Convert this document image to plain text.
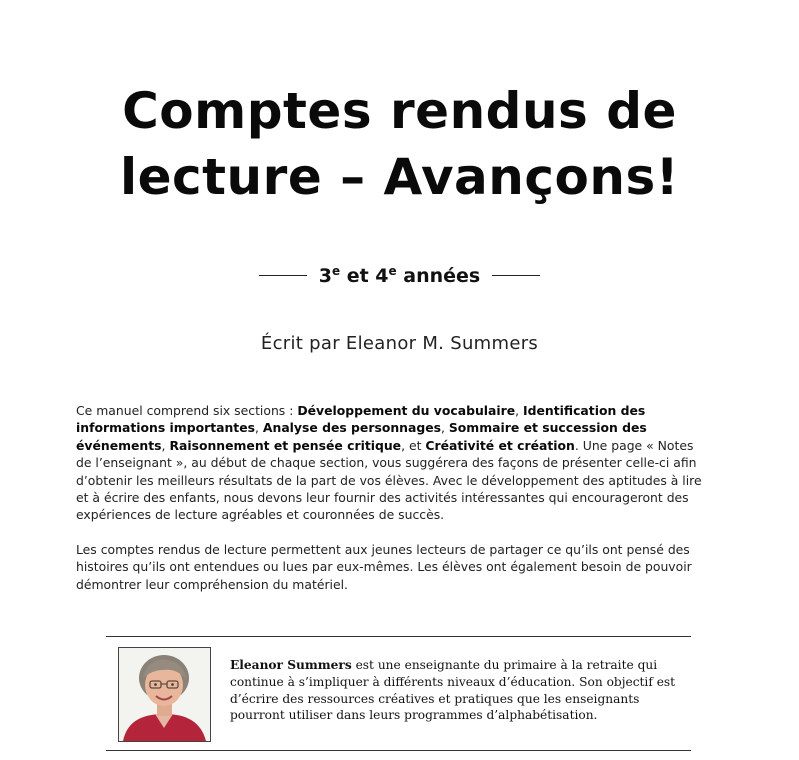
Comptes rendus de
lecture – Avançons!
3e et 4e années
Écrit par Eleanor M. Summers

Ce manuel comprend six sections : Développement du vocabulaire, Identification des informations importantes, Analyse des personnages, Sommaire et succession des événements, Raisonnement et pensée critique, et Créativité et création. Une page « Notes de l’enseignant », au début de chaque section, vous suggérera des façons de présenter celle-ci afin d’obtenir les meilleurs résultats de la part de vos élèves. Avec le développement des aptitudes à lire et à écrire des enfants, nous devons leur fournir des activités intéressantes qui encourageront des expériences de lecture agréables et couronnées de succès.

Les comptes rendus de lecture permettent aux jeunes lecteurs de partager ce qu’ils ont pensé des histoires qu’ils ont entendues ou lues par eux-mêmes. Les élèves ont également besoin de pouvoir démontrer leur compréhension du matériel.

Eleanor Summers est une enseignante du primaire à la retraite qui continue à s’impliquer à différents niveaux d’éducation. Son objectif est d’écrire des ressources créatives et pratiques que les enseignants pourront utiliser dans leurs programmes d’alphabétisation.
